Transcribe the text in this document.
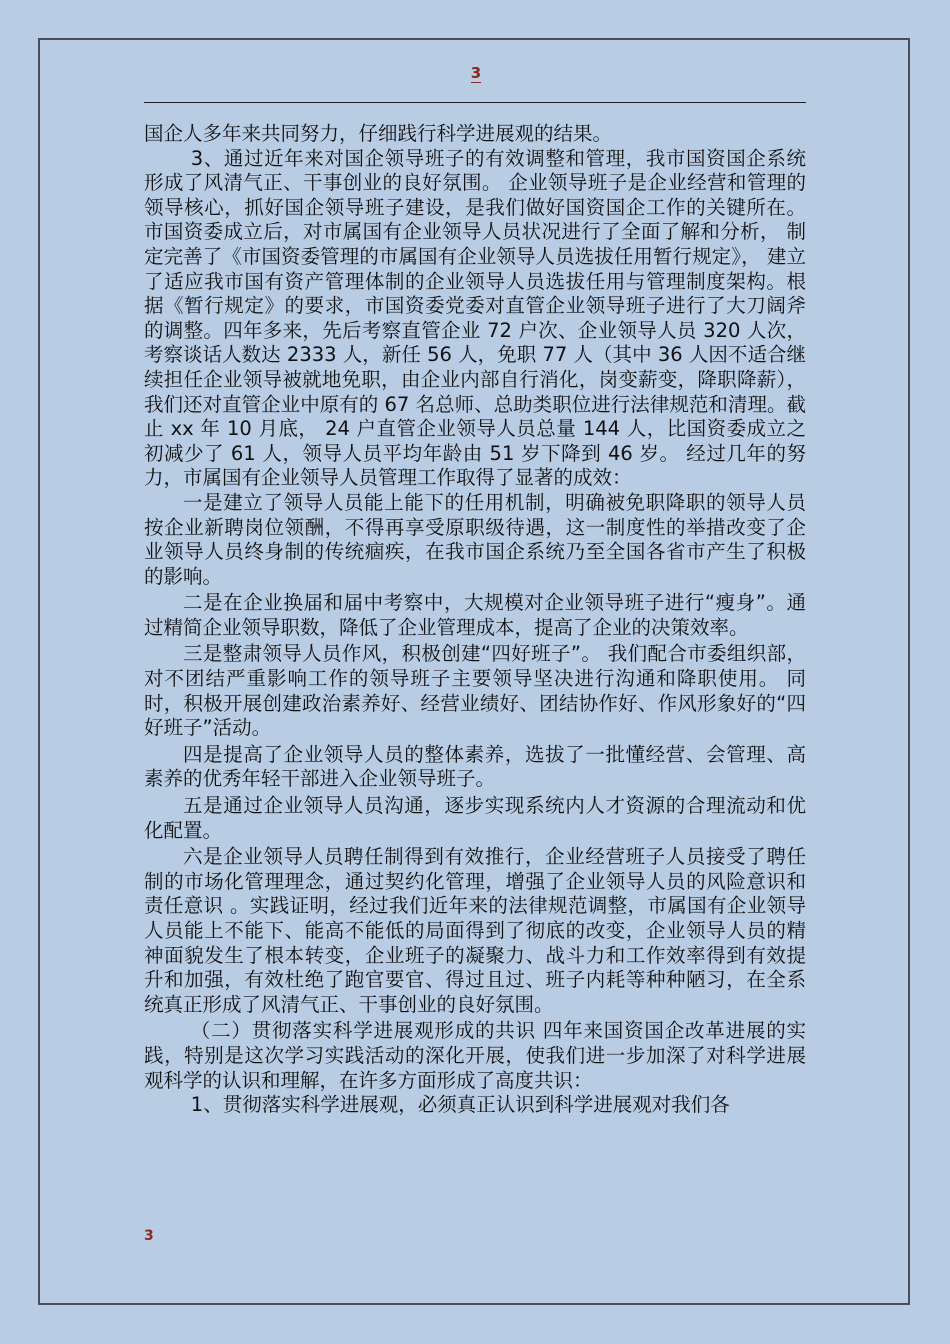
3

国企人多年来共同努力，仔细践行科学进展观的结果。

3、通过近年来对国企领导班子的有效调整和管理，我市国资国企系统形成了风清气正、干事创业的良好氛围。 企业领导班子是企业经营和管理的领导核心，抓好国企领导班子建设，是我们做好国资国企工作的关键所在。 市国资委成立后，对市属国有企业领导人员状况进行了全面了解和分析， 制定完善了《市国资委管理的市属国有企业领导人员选拔任用暂行规定》， 建立了适应我市国有资产管理体制的企业领导人员选拔任用与管理制度架构。根据《暂行规定》的要求，市国资委党委对直管企业领导班子进行了大刀阔斧的调整。四年多来，先后考察直管企业 72 户次、企业领导人员 320 人次，考察谈话人数达 2333 人，新任 56 人，免职 77 人（其中 36 人因不适合继续担任企业领导被就地免职，由企业内部自行消化，岗变薪变，降职降薪），我们还对直管企业中原有的 67 名总师、总助类职位进行法律规范和清理。截止 xx 年 10 月底， 24 户直管企业领导人员总量 144 人，比国资委成立之初减少了 61 人，领导人员平均年龄由 51 岁下降到 46 岁。 经过几年的努力，市属国有企业领导人员管理工作取得了显著的成效：

一是建立了领导人员能上能下的任用机制，明确被免职降职的领导人员按企业新聘岗位领酬，不得再享受原职级待遇，这一制度性的举措改变了企业领导人员终身制的传统痼疾，在我市国企系统乃至全国各省市产生了积极的影响。

二是在企业换届和届中考察中，大规模对企业领导班子进行“瘦身”。通过精简企业领导职数，降低了企业管理成本，提高了企业的决策效率。

三是整肃领导人员作风，积极创建“四好班子”。 我们配合市委组织部，对不团结严重影响工作的领导班子主要领导坚决进行沟通和降职使用。 同时，积极开展创建政治素养好、经营业绩好、团结协作好、作风形象好的“四好班子”活动。

四是提高了企业领导人员的整体素养，选拔了一批懂经营、会管理、高素养的优秀年轻干部进入企业领导班子。

五是通过企业领导人员沟通，逐步实现系统内人才资源的合理流动和优化配置。

六是企业领导人员聘任制得到有效推行，企业经营班子人员接受了聘任制的市场化管理理念，通过契约化管理，增强了企业领导人员的风险意识和责任意识 。实践证明，经过我们近年来的法律规范调整，市属国有企业领导人员能上不能下、能高不能低的局面得到了彻底的改变，企业领导人员的精神面貌发生了根本转变，企业班子的凝聚力、战斗力和工作效率得到有效提升和加强，有效杜绝了跑官要官、得过且过、班子内耗等种种陋习，在全系统真正形成了风清气正、干事创业的良好氛围。

（二）贯彻落实科学进展观形成的共识 四年来国资国企改革进展的实践，特别是这次学习实践活动的深化开展，使我们进一步加深了对科学进展观科学的认识和理解，在许多方面形成了高度共识：

1、贯彻落实科学进展观，必须真正认识到科学进展观对我们各

3
